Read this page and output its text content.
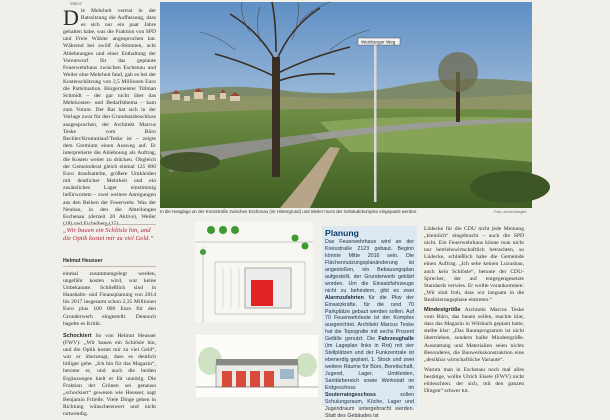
Mainz
D ie Mehrheit vertrat in der Ratssitzung die Auffassung, dass es sich nur ein paar Jahre gehalten habe, was die Fraktion von SPD und Freie Wähler angesprochen hat. Während bei zwölf Ja-Stimmen, acht Ablehnungen und einer Enthaltung der Vorentwurf für das geplante Feuerwehrhaus zwischen Eschenau und Weiler eine Mehrheit fand, gab es bei der Kostenschätzung von 2,5 Millionen Euro die Pattsituation. Bürgermeister Tillman Schmidt – der gar nicht über das Mehrkosten- und Bedarfsthema – kam zum Votum. Der Rat hat sich in der Vorlage zwar für den Grundsatzbeschluss ausgesprochen, der Architekt Marcus Teske vom Büro Bechler/Krummlauf/Teske ist – zeigte dem Gremium einen Ausweg auf. Er interpretierte die Ablehnung als Auftrag, die Kosten weiter zu drücken. Obgleich der Gemeinderat gleich einmal 125 000 Euro draufsattelte, größere Umkleiden mit deutlicher Mehrheit und ein zusätzliches Lager einstimmig befürwortete – zwei weitere Anregungen aus den Reihen der Feuerwehr. Was der Neubau, in den die Abteilungen Eschenau (derzeit 20 Aktive), Weiler (18) und Eichelberg (15)

„Wir bauen ein Schlösle hin, und die Optik kostet mir zu viel Geld.“
Helmut Heusser

einmal zusammengelegt werden, ungefähr kosten wird, war keine Unbekannte. Schließlich sind in Haushalts- und Finanzplanung von 2014 bis 2017 insgesamt schon 2,35 Millionen Euro plus 100 000 Euro für den Grunderwerb eingestellt. Dennoch hagelte es Kritik.

Schockiert So von Helmut Heusser (FWV): „Wir bauen ein Schlösle hin, und die Optik kostet mir zu viel Geld“, war er überzeugt, dass es deutlich billiger gehe. „Ich bin für das Magazin“, betonte er, und auch die beiden Ergänzungen hielt er für unnötig. Die Fraktion der Grünen sei genauso „schockiert“ gewesen wie Heusser, sagt Benjamin Fritelle. Viele Dinge gehen in Richtung wünschenswert und nicht notwendig.

Weinberger Weg
In die Hanglage an der Kreisstraße zwischen Eschenau (im Hintergrund) und Weiler muss der Gebäudekomplex eingepasst werden.	Foto: Archiv/Magler
Planung

Das Feuerwehrhaus wird an der Kreisstraße 2123 gebaut. Beginn könnte Mitte 2016 sein. Die Flächennutzungsplanänderung ist angestoßen, ein Bebauungsplan aufgestellt, der Grunderwerb geklärt worden. Um die Einsatzfahrzeuge nicht zu behindern, gibt es zwei Alarmzufahrten für die Pkw der Einsatzkräfte, für die rund 70 Parkplätze gebaut werden sollen. Auf 70 Feuerwehrleute ist der Komplex ausgerichtet. Architekt Marcus Teske hat die Topografie mit sechs Prozent Gefälle genutzt. Die Fahrzeughalle (im Lageplan links in Rot) mit vier Stellplätzen und der Funkzentrale ist ebenerdig geplant, 1. Stock und zwei weitere Räume für Büro, Bereitschaft, Jugend, Lager, Umkleiden, Sanitärbereich sowie Werkstatt im Erdgeschoss im Souterraingeschoss	sollen Schulungsraum, Küche, Lager und Jugendraum untergebracht werden. Statt des Gebäudes ist

Lüdecke für die CDU nicht jede Meinung „kleinlich“ eingebracht – auch die SPD nicht. Ein Feuerwehrhaus könne man nicht nur betriebswirtschaftlich betrachten, so Lüdecke, schließlich habe die Gemeinde einen Auftrag. „Ich sehe keinen Luxusbau, auch kein Schlösle“, betonte der CDU-Sprecher, der auf entgegengesetzte Standards verwies. Er wollte vorankommen: „Wir sind froh, dass wir langsam in die Realisierungsphase eintreten.“

Mindestgröße Architekt Marcus Teske vom Büro, das bauen sollen, machte klar, dass das Magazin in Wilsbach geplant hatte, stellte klar: „Das Raumprogramm ist nicht übertrieben, sondern halbe Mindestgröße. Ausstattung und Materialien seien nichts Besonderes, die Bauwerkskonstruktion eine „desikbar wirtschaftliche Variante“.

Warum man in Eschenau noch mal alles bestätige, wollte Ulrich Eisele (FWV) nicht einleuchten: der sich, mit den ganzen Dingen“ schwer tut.
